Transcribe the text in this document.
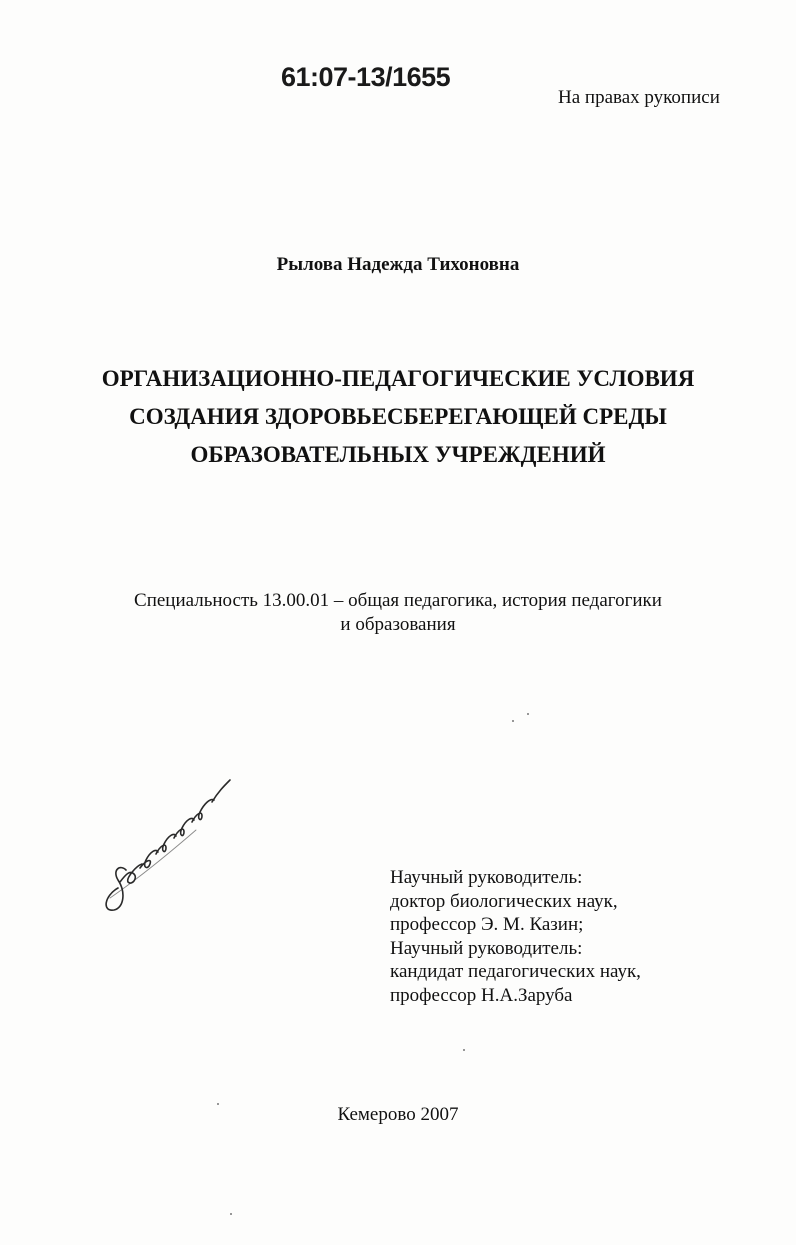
61:07-13/1655
На правах рукописи
Рылова Надежда Тихоновна
ОРГАНИЗАЦИОННО-ПЕДАГОГИЧЕСКИЕ УСЛОВИЯ
СОЗДАНИЯ ЗДОРОВЬЕСБЕРЕГАЮЩЕЙ СРЕДЫ
ОБРАЗОВАТЕЛЬНЫХ УЧРЕЖДЕНИЙ
Специальность 13.00.01 – общая педагогика, история педагогики
и образования
Научный руководитель:
доктор биологических наук,
профессор Э. М. Казин;
Научный руководитель:
кандидат педагогических наук,
профессор Н.А.Заруба
Кемерово 2007
